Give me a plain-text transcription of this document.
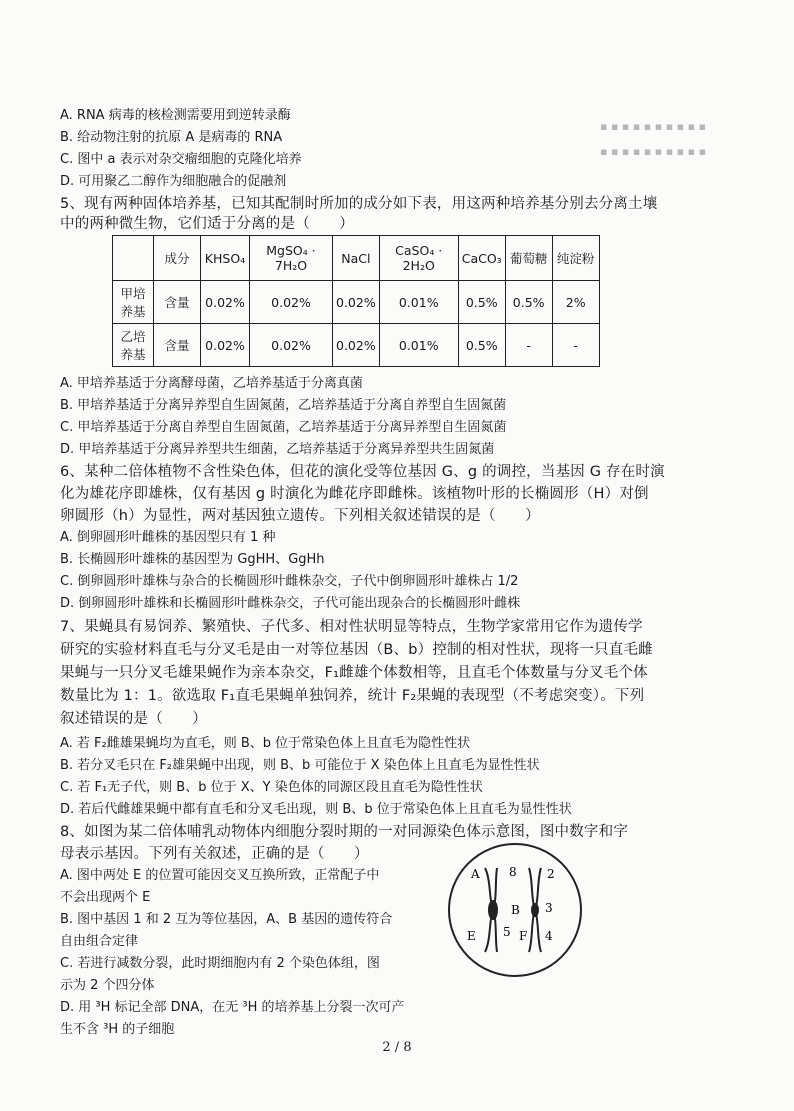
▪ ▪ ▪ ▪ ▪ ▪ ▪ ▪ ▪ ▪
▪ ▪ ▪ ▪ ▪ ▪ ▪ ▪ ▪ ▪
A. RNA 病毒的核检测需要用到逆转录酶
B. 给动物注射的抗原 A 是病毒的 RNA
C. 图中 a 表示对杂交瘤细胞的克隆化培养
D. 可用聚乙二醇作为细胞融合的促融剂
5、现有两种固体培养基，已知其配制时所加的成分如下表，用这两种培养基分别去分离土壤
中的两种微生物，它们适于分离的是（　　）
	成分	KHSO₄	MgSO₄ · 7H₂O	NaCl	CaSO₄ · 2H₂O	CaCO₃	葡萄糖	纯淀粉
甲培
养基	含量	0.02%	0.02%	0.02%	0.01%	0.5%	0.5%	2%
乙培
养基	含量	0.02%	0.02%	0.02%	0.01%	0.5%	-	-
A. 甲培养基适于分离酵母菌，乙培养基适于分离真菌
B. 甲培养基适于分离异养型自生固氮菌，乙培养基适于分离自养型自生固氮菌
C. 甲培养基适于分离自养型自生固氮菌，乙培养基适于分离异养型自生固氮菌
D. 甲培养基适于分离异养型共生细菌，乙培养基适于分离异养型共生固氮菌
6、某种二倍体植物不含性染色体，但花的演化受等位基因 G、g 的调控，当基因 G 存在时演
化为雄花序即雄株，仅有基因 g 时演化为雌花序即雌株。该植物叶形的长椭圆形（H）对倒
卵圆形（h）为显性，两对基因独立遗传。下列相关叙述错误的是（　　）
A. 倒卵圆形叶雌株的基因型只有 1 种
B. 长椭圆形叶雄株的基因型为 GgHH、GgHh
C. 倒卵圆形叶雄株与杂合的长椭圆形叶雌株杂交，子代中倒卵圆形叶雄株占 1/2
D. 倒卵圆形叶雄株和长椭圆形叶雌株杂交，子代可能出现杂合的长椭圆形叶雌株
7、果蝇具有易饲养、繁殖快、子代多、相对性状明显等特点，生物学家常用它作为遗传学
研究的实验材料直毛与分叉毛是由一对等位基因（B、b）控制的相对性状，现将一只直毛雌
果蝇与一只分叉毛雄果蝇作为亲本杂交，F₁雌雄个体数相等，且直毛个体数量与分叉毛个体
数量比为 1：1。欲选取 F₁直毛果蝇单独饲养，统计 F₂果蝇的表现型（不考虑突变）。下列
叙述错误的是（　　）
A. 若 F₂雌雄果蝇均为直毛，则 B、b 位于常染色体上且直毛为隐性性状
B. 若分叉毛只在 F₂雄果蝇中出现，则 B、b 可能位于 X 染色体上且直毛为显性性状
C. 若 F₁无子代，则 B、b 位于 X、Y 染色体的同源区段且直毛为隐性性状
D. 若后代雌雄果蝇中都有直毛和分叉毛出现，则 B、b 位于常染色体上且直毛为显性性状
8、如图为某二倍体哺乳动物体内细胞分裂时期的一对同源染色体示意图，图中数字和字
母表示基因。下列有关叙述，正确的是（　　）
A. 图中两处 E 的位置可能因交叉互换所致，正常配子中
不会出现两个 E
B. 图中基因 1 和 2 互为等位基因，A、B 基因的遗传符合
自由组合定律
C. 若进行减数分裂，此时期细胞内有 2 个染色体组，图
示为 2 个四分体
D. 用 ³H 标记全部 DNA，在无 ³H 的培养基上分裂一次可产
生不含 ³H 的子细胞
A 8	2
B 3
E 5 F 4
2 / 8
